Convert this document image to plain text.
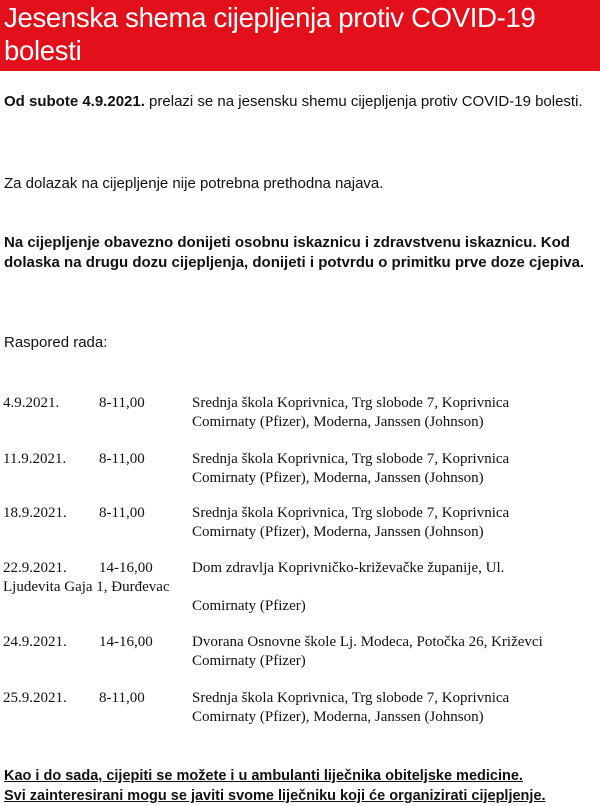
Jesenska shema cijepljenja protiv COVID-19 bolesti

Od subote 4.9.2021. prelazi se na jesensku shemu cijepljenja protiv COVID-19 bolesti.

Za dolazak na cijepljenje nije potrebna prethodna najava.

Na cijepljenje obavezno donijeti osobnu iskaznicu i zdravstvenu iskaznicu. Kod dolaska na drugu dozu cijepljenja, donijeti i potvrdu o primitku prve doze cjepiva.

Raspored rada:

4.9.2021.	8-11,00	Srednja škola Koprivnica, Trg slobode 7, Koprivnica
Comirnaty (Pfizer), Moderna, Janssen (Johnson)
11.9.2021. 8-11,00	Srednja škola Koprivnica, Trg slobode 7, Koprivnica
Comirnaty (Pfizer), Moderna, Janssen (Johnson)
18.9.2021. 8-11,00	Srednja škola Koprivnica, Trg slobode 7, Koprivnica
Comirnaty (Pfizer), Moderna, Janssen (Johnson)
22.9.2021. 14-16,00	Dom zdravlja Koprivničko-križevačke županije, Ul.
Ljudevita Gaja 1, Đurđevac
Comirnaty (Pfizer)
24.9.2021. 14-16,00	Dvorana Osnovne škole Lj. Modeca, Potočka 26, Križevci
Comirnaty (Pfizer)
25.9.2021. 8-11,00	Srednja škola Koprivnica, Trg slobode 7, Koprivnica
Comirnaty (Pfizer), Moderna, Janssen (Johnson)

Kao i do sada, cijepiti se možete i u ambulanti liječnika obiteljske medicine.

Svi zainteresirani mogu se javiti svome liječniku koji će organizirati cijepljenje.
